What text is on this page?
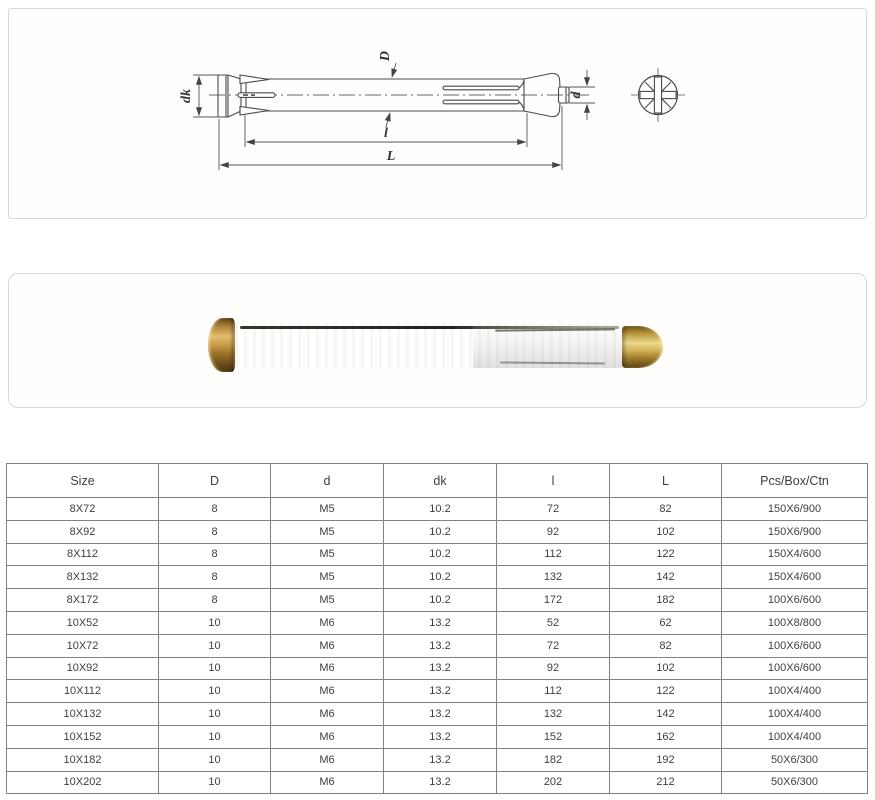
dk
D
d
l
L
Size	D	d	dk	l	L	Pcs/Box/Ctn
8X72	8	M5	10.2	72	82	150X6/900
8X92	8	M5	10.2	92	102	150X6/900
8X112	8	M5	10.2	112	122	150X4/600
8X132	8	M5	10.2	132	142	150X4/600
8X172	8	M5	10.2	172	182	100X6/600
10X52	10	M6	13.2	52	62	100X8/800
10X72	10	M6	13.2	72	82	100X6/600
10X92	10	M6	13.2	92	102	100X6/600
10X112	10	M6	13.2	112	122	100X4/400
10X132	10	M6	13.2	132	142	100X4/400
10X152	10	M6	13.2	152	162	100X4/400
10X182	10	M6	13.2	182	192	50X6/300
10X202	10	M6	13.2	202	212	50X6/300
